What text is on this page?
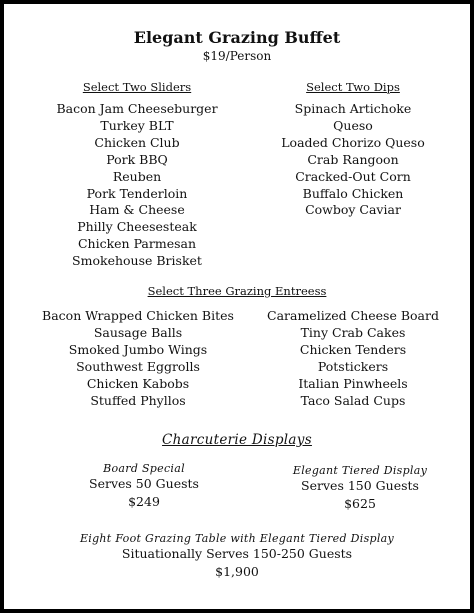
Elegant Grazing Buffet
$19/Person
Select Two Sliders
Bacon Jam Cheeseburger
Turkey BLT
Chicken Club
Pork BBQ
Reuben
Pork Tenderloin
Ham & Cheese
Philly Cheesesteak
Chicken Parmesan
Smokehouse Brisket
Select Two Dips
Spinach Artichoke
Queso
Loaded Chorizo Queso
Crab Rangoon
Cracked-Out Corn
Buffalo Chicken
Cowboy Caviar
Select Three Grazing Entreess
Bacon Wrapped Chicken Bites
Sausage Balls
Smoked Jumbo Wings
Southwest Eggrolls
Chicken Kabobs
Stuffed Phyllos
Caramelized Cheese Board
Tiny Crab Cakes
Chicken Tenders
Potstickers
Italian Pinwheels
Taco Salad Cups
Charcuterie Displays
Board Special
Serves 50 Guests
$249
Elegant Tiered Display
Serves 150 Guests
$625
Eight Foot Grazing Table with Elegant Tiered Display
Situationally Serves 150-250 Guests
$1,900
